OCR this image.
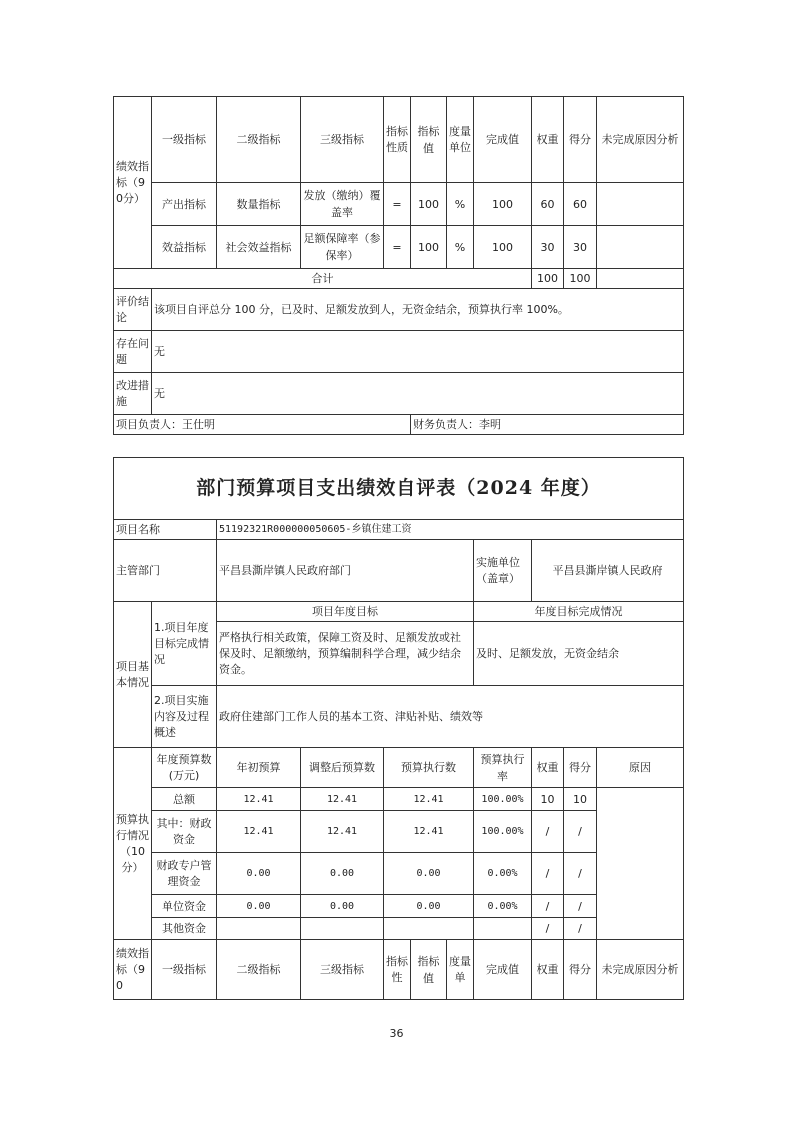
绩效指标（90分）	一级指标	二级指标	三级指标	指标性质	指标值	度量单位	完成值	权重	得分	未完成原因分析
	产出指标	数量指标	发放（缴纳）覆盖率	=	100	%	100	60	60	
	效益指标	社会效益指标	足额保障率（参保率）	=	100	%	100	30	30	
合计								100	100	
评价结论	该项目自评总分 100 分，已及时、足额发放到人，无资金结余，预算执行率 100%。									
存在问题	无									
改进措施	无									
项目负责人：王仕明					财务负责人：李明					
部门预算项目支出绩效自评表（2024 年度）										
项目名称		51192321R000000050605-乡镇住建工资								
主管部门		平昌县澌岸镇人民政府部门					实施单位（盖章）	平昌县澌岸镇人民政府		
项目基本情况	1.项目年度目标完成情况	项目年度目标					年度目标完成情况			
		严格执行相关政策，保障工资及时、足额发放或社保及时、足额缴纳，预算编制科学合理，减少结余资金。					及时、足额发放，无资金结余			
	2.项目实施内容及过程概述	政府住建部门工作人员的基本工资、津贴补贴、绩效等								
预算执行情况（10分）	年度预算数(万元)	年初预算	调整后预算数	预算执行数			预算执行率	权重	得分	原因
	总额	12.41	12.41	12.41			100.00%	10	10	
	其中：财政资金	12.41	12.41	12.41			100.00%	/	/	
	财政专户管理资金	0.00	0.00	0.00			0.00%	/	/	
	单位资金	0.00	0.00	0.00			0.00%	/	/	
	其他资金							/	/	
绩效指标（90	一级指标	二级指标	三级指标	指标性	指标值	度量单	完成值	权重	得分	未完成原因分析
36
